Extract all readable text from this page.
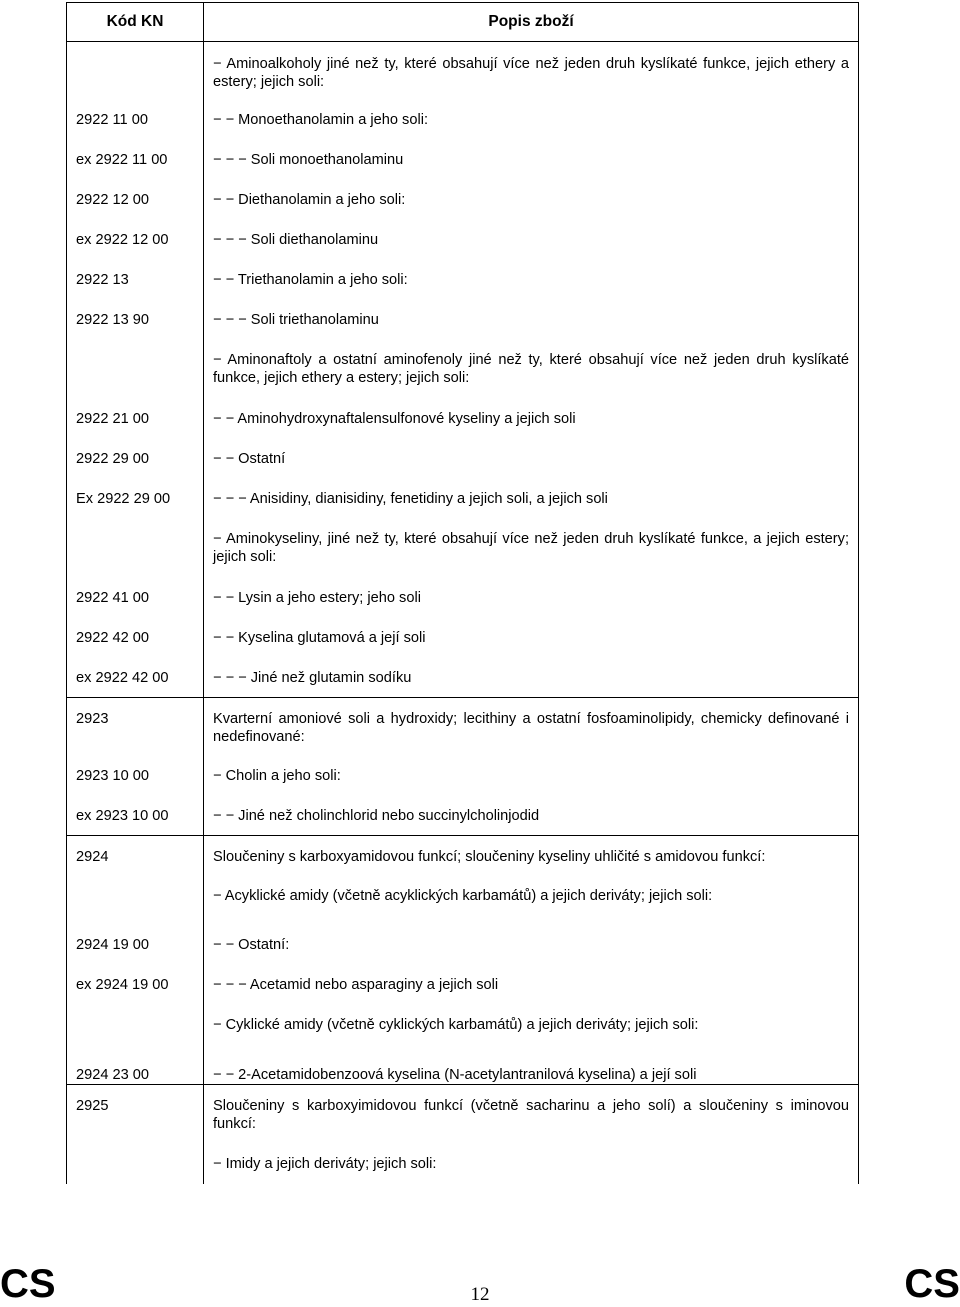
Kód KN	Popis zboží
	− Aminoalkoholy jiné než ty, které obsahují více než jeden druh kyslíkaté funkce, jejich ethery a estery; jejich soli:
2922 11 00	− − Monoethanolamin a jeho soli:
ex 2922 11 00	− − − Soli monoethanolaminu
2922 12 00	− − Diethanolamin a jeho soli:
ex 2922 12 00	− − − Soli diethanolaminu
2922 13	− − Triethanolamin a jeho soli:
2922 13 90	− − − Soli triethanolaminu
	− Aminonaftoly a ostatní aminofenoly jiné než ty, které obsahují více než jeden druh kyslíkaté funkce, jejich ethery a estery; jejich soli:
2922 21 00	− − Aminohydroxynaftalensulfonové kyseliny a jejich soli
2922 29 00	− − Ostatní
Ex 2922 29 00	− − − Anisidiny, dianisidiny, fenetidiny a jejich soli, a jejich soli
	− Aminokyseliny, jiné než ty, které obsahují více než jeden druh kyslíkaté funkce, a jejich estery; jejich soli:
2922 41 00	− − Lysin a jeho estery; jeho soli
2922 42 00	− − Kyselina glutamová a její soli
ex 2922 42 00	− − − Jiné než glutamin sodíku
2923	Kvarterní amoniové soli a hydroxidy; lecithiny a ostatní fosfoaminolipidy, chemicky definované i nedefinované:
2923 10 00	− Cholin a jeho soli:
ex 2923 10 00	− − Jiné než cholinchlorid nebo succinylcholinjodid
2924	Sloučeniny s karboxyamidovou funkcí; sloučeniny kyseliny uhličité s amidovou funkcí:
	− Acyklické amidy (včetně acyklických karbamátů) a jejich deriváty; jejich soli:
2924 19 00	− − Ostatní:
ex 2924 19 00	− − − Acetamid nebo asparaginy a jejich soli
	− Cyklické amidy (včetně cyklických karbamátů) a jejich deriváty; jejich soli:
2924 23 00	− − 2-Acetamidobenzoová kyselina (N-acetylantranilová kyselina) a její soli
2925	Sloučeniny s karboxyimidovou funkcí (včetně sacharinu a jeho solí) a sloučeniny s iminovou funkcí:
	− Imidy a jejich deriváty; jejich soli:
CS	12	CS
